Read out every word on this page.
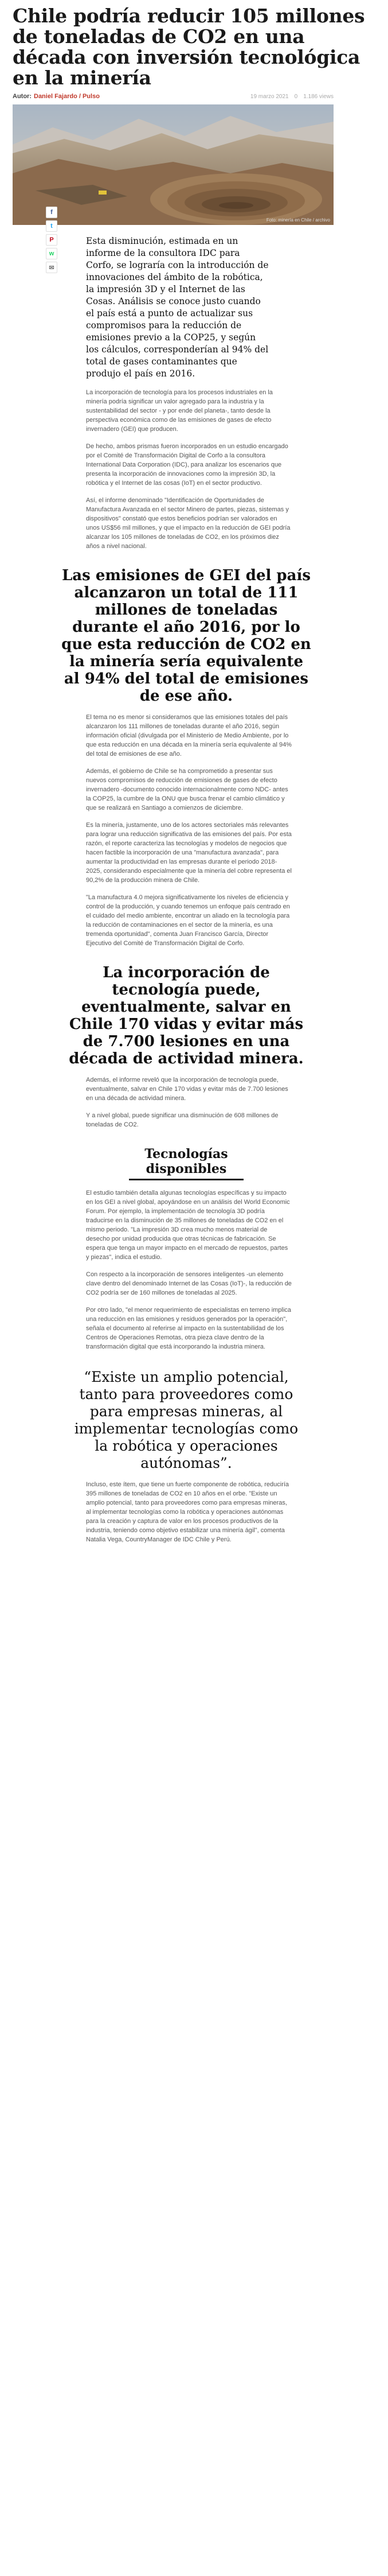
Chile podría reducir 105 millones de toneladas de CO2 en una década con inversión tecnológica en la minería
Autor: Daniel Fajardo / Pulso	19 marzo 2021 0 1.186 views
Foto: minería en Chile / archivo
f
t
P
w
✉

Esta disminución, estimada en un informe de la consultora IDC para Corfo, se lograría con la introducción de innovaciones del ámbito de la robótica, la impresión 3D y el Internet de las Cosas. Análisis se conoce justo cuando el país está a punto de actualizar sus compromisos para la reducción de emisiones previo a la COP25, y según los cálculos, corresponderían al 94% del total de gases contaminantes que produjo el país en 2016.

La incorporación de tecnología para los procesos industriales en la minería podría significar un valor agregado para la industria y la sustentabilidad del sector - y por ende del planeta-, tanto desde la perspectiva económica como de las emisiones de gases de efecto invernadero (GEI) que producen.

De hecho, ambos prismas fueron incorporados en un estudio encargado por el Comité de Transformación Digital de Corfo a la consultora International Data Corporation (IDC), para analizar los escenarios que presenta la incorporación de innovaciones como la impresión 3D, la robótica y el Internet de las cosas (IoT) en el sector productivo.

Así, el informe denominado "Identificación de Oportunidades de Manufactura Avanzada en el sector Minero de partes, piezas, sistemas y dispositivos" constató que estos beneficios podrían ser valorados en unos US$56 mil millones, y que el impacto en la reducción de GEI podría alcanzar los 105 millones de toneladas de CO2, en los próximos diez años a nivel nacional.

Las emisiones de GEI del país alcanzaron un total de 111 millones de toneladas durante el año 2016, por lo que esta reducción de CO2 en la minería sería equivalente al 94% del total de emisiones de ese año.

El tema no es menor si consideramos que las emisiones totales del país alcanzaron los 111 millones de toneladas durante el año 2016, según información oficial (divulgada por el Ministerio de Medio Ambiente, por lo que esta reducción en una década en la minería sería equivalente al 94% del total de emisiones de ese año.

Además, el gobierno de Chile se ha comprometido a presentar sus nuevos compromisos de reducción de emisiones de gases de efecto invernadero -documento conocido internacionalmente como NDC- antes la COP25, la cumbre de la ONU que busca frenar el cambio climático y que se realizará en Santiago a comienzos de diciembre.

Es la minería, justamente, uno de los actores sectoriales más relevantes para lograr una reducción significativa de las emisiones del país. Por esta razón, el reporte caracteriza las tecnologías y modelos de negocios que hacen factible la incorporación de una "manufactura avanzada", para aumentar la productividad en las empresas durante el periodo 2018-2025, considerando especialmente que la minería del cobre representa el 90,2% de la producción minera de Chile.

"La manufactura 4.0 mejora significativamente los niveles de eficiencia y control de la producción, y cuando tenemos un enfoque país centrado en el cuidado del medio ambiente, encontrar un aliado en la tecnología para la reducción de contaminaciones en el sector de la minería, es una tremenda oportunidad", comenta Juan Francisco García, Director Ejecutivo del Comité de Transformación Digital de Corfo.

La incorporación de tecnología puede, eventualmente, salvar en Chile 170 vidas y evitar más de 7.700 lesiones en una década de actividad minera.

Además, el informe reveló que la incorporación de tecnología puede, eventualmente, salvar en Chile 170 vidas y evitar más de 7.700 lesiones en una década de actividad minera.

Y a nivel global, puede significar una disminución de 608 millones de toneladas de CO2.

Tecnologías disponibles

El estudio también detalla algunas tecnologías específicas y su impacto en los GEI a nivel global, apoyándose en un análisis del World Economic Forum. Por ejemplo, la implementación de tecnología 3D podría traducirse en la disminución de 35 millones de toneladas de CO2 en el mismo periodo. "La impresión 3D crea mucho menos material de desecho por unidad producida que otras técnicas de fabricación. Se espera que tenga un mayor impacto en el mercado de repuestos, partes y piezas", indica el estudio.

Con respecto a la incorporación de sensores inteligentes -un elemento clave dentro del denominado Internet de las Cosas (IoT)-, la reducción de CO2 podría ser de 160 millones de toneladas al 2025.

Por otro lado, "el menor requerimiento de especialistas en terreno implica una reducción en las emisiones y residuos generados por la operación", señala el documento al referirse al impacto en la sustentabilidad de los Centros de Operaciones Remotas, otra pieza clave dentro de la transformación digital que está incorporando la industria minera.

“Existe un amplio potencial, tanto para proveedores como para empresas mineras, al implementar tecnologías como la robótica y operaciones autónomas”.

Incluso, este ítem, que tiene un fuerte componente de robótica, reduciría 395 millones de toneladas de CO2 en 10 años en el orbe. "Existe un amplio potencial, tanto para proveedores como para empresas mineras, al implementar tecnologías como la robótica y operaciones autónomas para la creación y captura de valor en los procesos productivos de la industria, teniendo como objetivo estabilizar una minería ágil", comenta Natalia Vega, CountryManager de IDC Chile y Perú.
